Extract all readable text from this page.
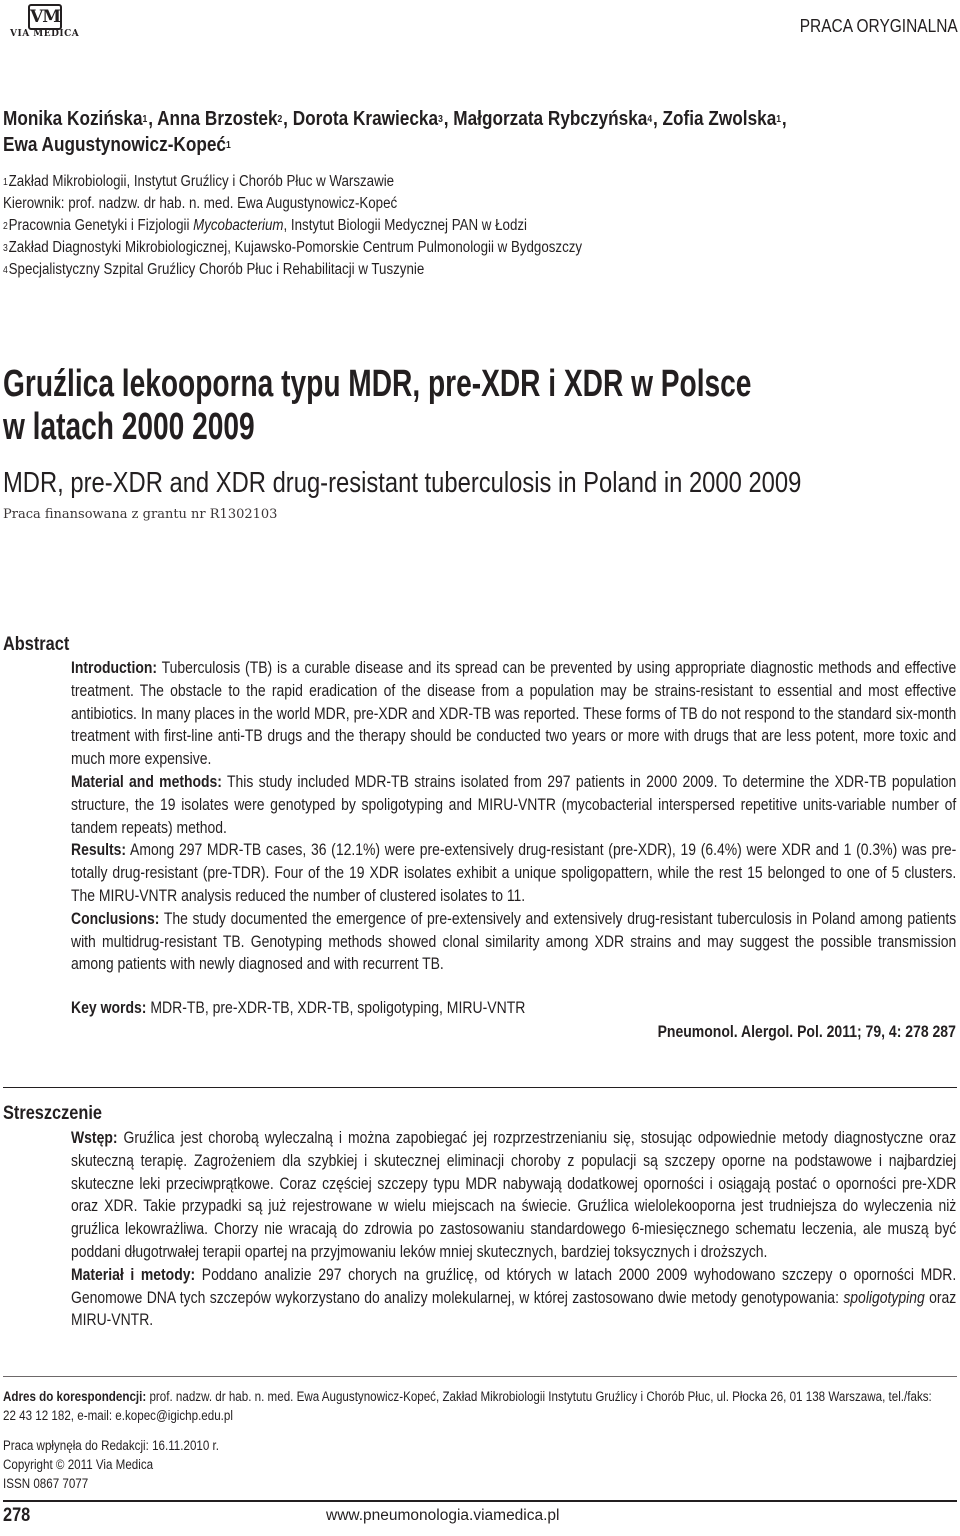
VM
VIA MEDICA	PRACA ORYGINALNA
Monika Kozińska$^1$, Anna Brzostek$^2$, Dorota Krawiecka$^3$, Małgorzata Rybczyńska$^4$, Zofia Zwolska$^1$,
Ewa Augustynowicz-Kopeć$^1$
$^1$Zakład Mikrobiologii, Instytut Gruźlicy i Chorób Płuc w Warszawie
Kierownik: prof. nadzw. dr hab. n. med. Ewa Augustynowicz-Kopeć
$^2$Pracownia Genetyki i Fizjologii Mycobacterium, Instytut Biologii Medycznej PAN w Łodzi
$^3$Zakład Diagnostyki Mikrobiologicznej, Kujawsko-Pomorskie Centrum Pulmonologii w Bydgoszczy
$^4$Specjalistyczny Szpital Gruźlicy Chorób Płuc i Rehabilitacji w Tuszynie
Gruźlica lekooporna typu MDR, pre-XDR i XDR w Polsce
w latach 2000 2009
MDR, pre-XDR and XDR drug-resistant tuberculosis in Poland in 2000 2009
Praca finansowana z grantu nr R1302103
Abstract

Introduction: Tuberculosis (TB) is a curable disease and its spread can be prevented by using appropriate diagnostic methods and effective treatment. The obstacle to the rapid eradication of the disease from a population may be strains-resistant to essential and most effective antibiotics. In many places in the world MDR, pre-XDR and XDR-TB was reported. These forms of TB do not respond to the standard six-month treatment with first-line anti-TB drugs and the therapy should be conducted two years or more with drugs that are less potent, more toxic and much more expensive.

Material and methods: This study included MDR-TB strains isolated from 297 patients in 2000 2009. To determine the XDR-TB population structure, the 19 isolates were genotyped by spoligotyping and MIRU-VNTR (mycobacterial interspersed repetitive units-variable number of tandem repeats) method.

Results: Among 297 MDR-TB cases, 36 (12.1%) were pre-extensively drug-resistant (pre-XDR), 19 (6.4%) were XDR and 1 (0.3%) was pre-totally drug-resistant (pre-TDR). Four of the 19 XDR isolates exhibit a unique spoligopattern, while the rest 15 belonged to one of 5 clusters. The MIRU-VNTR analysis reduced the number of clustered isolates to 11.

Conclusions: The study documented the emergence of pre-extensively and extensively drug-resistant tuberculosis in Poland among patients with multidrug-resistant TB. Genotyping methods showed clonal similarity among XDR strains and may suggest the possible transmission among patients with newly diagnosed and with recurrent TB.

Key words: MDR-TB, pre-XDR-TB, XDR-TB, spoligotyping, MIRU-VNTR
Pneumonol. Alergol. Pol. 2011; 79, 4: 278 287
Streszczenie

Wstęp: Gruźlica jest chorobą wyleczalną i można zapobiegać jej rozprzestrzenianiu się, stosując odpowiednie metody diagnostyczne oraz skuteczną terapię. Zagrożeniem dla szybkiej i skutecznej eliminacji choroby z populacji są szczepy oporne na podstawowe i najbardziej skuteczne leki przeciwprątkowe. Coraz częściej szczepy typu MDR nabywają dodatkowej oporności i osiągają postać o oporności pre-XDR oraz XDR. Takie przypadki są już rejestrowane w wielu miejscach na świecie. Gruźlica wielolekooporna jest trudniejsza do wyleczenia niż gruźlica lekowrażliwa. Chorzy nie wracają do zdrowia po zastosowaniu standardowego 6-miesięcznego schematu leczenia, ale muszą być poddani długotrwałej terapii opartej na przyjmowaniu leków mniej skutecznych, bardziej toksycznych i droższych.

Materiał i metody: Poddano analizie 297 chorych na gruźlicę, od których w latach 2000 2009 wyhodowano szczepy o oporności MDR. Genomowe DNA tych szczepów wykorzystano do analizy molekularnej, w której zastosowano dwie metody genotypowania: spoligotyping oraz MIRU-VNTR.

Adres do korespondencji: prof. nadzw. dr hab. n. med. Ewa Augustynowicz-Kopeć, Zakład Mikrobiologii Instytutu Gruźlicy i Chorób Płuc, ul. Płocka 26, 01 138 Warszawa, tel./faks: 22 43 12 182, e-mail: e.kopec@igichp.edu.pl
Praca wpłynęła do Redakcji: 16.11.2010 r.
Copyright © 2011 Via Medica
ISSN 0867 7077
278	www.pneumonologia.viamedica.pl
